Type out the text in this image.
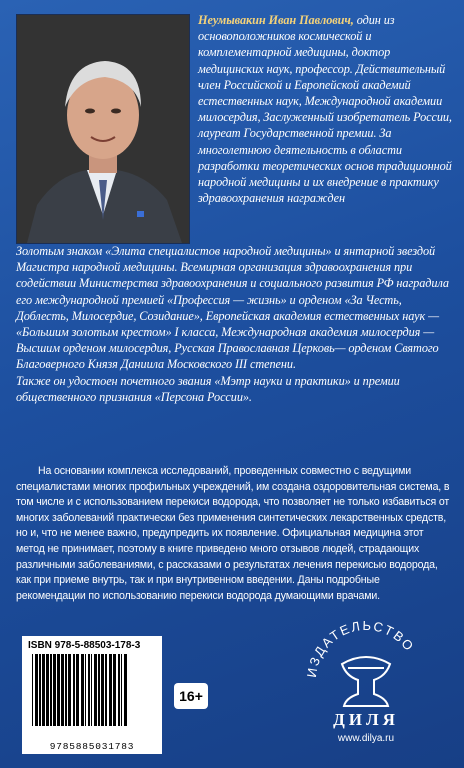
Неумывакин Иван Павлович, один из основоположников космической и комплементарной медицины, доктор медицинских наук, профессор. Действительный член Российской и Европейской академий естественных наук, Международной академии милосердия, Заслуженный изобретатель России, лауреат Государственной премии. За многолетнюю деятельность в области разработки теоретических основ традиционной народной медицины и их внедрение в практику здравоохранения награжден

Золотым знаком «Элита специалистов народной медицины» и янтарной звездой Магистра народной медицины. Всемирная организация здравоохранения при содействии Министерства здравоохранения и социального развития РФ наградила его международной премией «Профессия — жизнь» и орденом «За Честь, Доблесть, Милосердие, Созидание», Европейская академия естественных наук — «Большим золотым крестом» I класса, Международная академия милосердия — Высшим орденом милосердия, Русская Православная Церковь— орденом Святого Благоверного Князя Даниила Московского III степени.

Также он удостоен почетного звания «Мэтр науки и практики» и премии общественного признания «Персона России».

На основании комплекса исследований, проведенных совместно с ведущими специалистами многих профильных учреждений, им создана оздоровительная система, в том числе и с использованием перекиси водорода, что позволяет не только избавиться от многих заболеваний практически без применения синтетических лекарственных средств, но и, что не менее важно, предупредить их появление. Официальная медицина этот метод не принимает, поэтому в книге приведено много отзывов людей, страдающих различными заболеваниями, с рассказами о результатах лечения перекисью водорода, как при приеме внутрь, так и при внутривенном введении. Даны подробные рекомендации по использованию перекиси водорода думающими врачами.
ISBN 978-5-88503-178-3
9785885031783
16+
ИЗДАТЕЛЬСТВО
ДИЛЯ
www.dilya.ru
